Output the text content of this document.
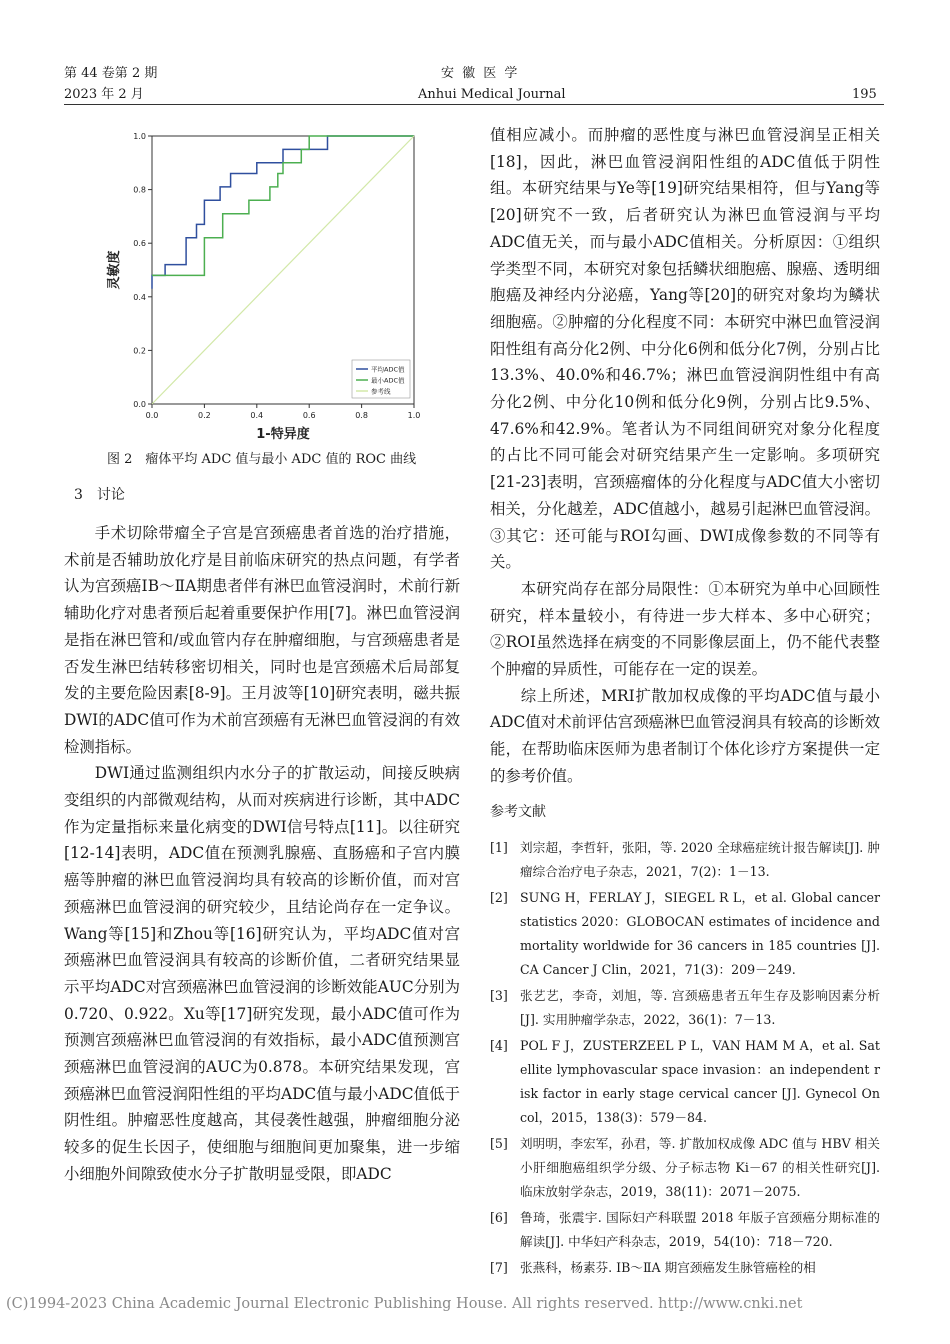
第 44 卷第 2 期
2023 年 2 月
安 徽 医 学
Anhui Medical Journal	195
0.0	0.2	0.4	0.6	0.8	1.0
0.0
0.2
0.4
0.6
0.8
1.0
平均ADC值
最小ADC值
参考线
灵敏度
1-特异度
图 2　瘤体平均 ADC 值与最小 ADC 值的 ROC 曲线
3　讨论

手术切除带瘤全子宫是宫颈癌患者首选的治疗措施，术前是否辅助放化疗是目前临床研究的热点问题，有学者认为宫颈癌ⅠB～ⅡA期患者伴有淋巴血管浸润时，术前行新辅助化疗对患者预后起着重要保护作用[7]。淋巴血管浸润是指在淋巴管和/或血管内存在肿瘤细胞，与宫颈癌患者是否发生淋巴结转移密切相关，同时也是宫颈癌术后局部复发的主要危险因素[8-9]。王月波等[10]研究表明，磁共振DWI的ADC值可作为术前宫颈癌有无淋巴血管浸润的有效检测指标。

DWI通过监测组织内水分子的扩散运动，间接反映病变组织的内部微观结构，从而对疾病进行诊断，其中ADC作为定量指标来量化病变的DWI信号特点[11]。以往研究[12-14]表明，ADC值在预测乳腺癌、直肠癌和子宫内膜癌等肿瘤的淋巴血管浸润均具有较高的诊断价值，而对宫颈癌淋巴血管浸润的研究较少，且结论尚存在一定争议。Wang等[15]和Zhou等[16]研究认为，平均ADC值对宫颈癌淋巴血管浸润具有较高的诊断价值，二者研究结果显示平均ADC对宫颈癌淋巴血管浸润的诊断效能AUC分别为0.720、0.922。Xu等[17]研究发现，最小ADC值可作为预测宫颈癌淋巴血管浸润的有效指标，最小ADC值预测宫颈癌淋巴血管浸润的AUC为0.878。本研究结果发现，宫颈癌淋巴血管浸润阳性组的平均ADC值与最小ADC值低于阴性组。肿瘤恶性度越高，其侵袭性越强，肿瘤细胞分泌较多的促生长因子，使细胞与细胞间更加聚集，进一步缩小细胞外间隙致使水分子扩散明显受限，即ADC

值相应减小。而肿瘤的恶性度与淋巴血管浸润呈正相关[18]，因此，淋巴血管浸润阳性组的ADC值低于阴性组。本研究结果与Ye等[19]研究结果相符，但与Yang等[20]研究不一致，后者研究认为淋巴血管浸润与平均ADC值无关，而与最小ADC值相关。分析原因：①组织学类型不同，本研究对象包括鳞状细胞癌、腺癌、透明细胞癌及神经内分泌癌，Yang等[20]的研究对象均为鳞状细胞癌。②肿瘤的分化程度不同：本研究中淋巴血管浸润阳性组有高分化2例、中分化6例和低分化7例，分别占比13.3%、40.0%和46.7%；淋巴血管浸润阴性组中有高分化2例、中分化10例和低分化9例，分别占比9.5%、47.6%和42.9%。笔者认为不同组间研究对象分化程度的占比不同可能会对研究结果产生一定影响。多项研究[21-23]表明，宫颈癌瘤体的分化程度与ADC值大小密切相关，分化越差，ADC值越小，越易引起淋巴血管浸润。③其它：还可能与ROI勾画、DWI成像参数的不同等有关。

本研究尚存在部分局限性：①本研究为单中心回顾性研究，样本量较小，有待进一步大样本、多中心研究；②ROI虽然选择在病变的不同影像层面上，仍不能代表整个肿瘤的异质性，可能存在一定的误差。

综上所述，MRI扩散加权成像的平均ADC值与最小ADC值对术前评估宫颈癌淋巴血管浸润具有较高的诊断效能，在帮助临床医师为患者制订个体化诊疗方案提供一定的参考价值。

参考文献

[1] 刘宗超，李哲轩，张阳，等. 2020 全球癌症统计报告解读[J]. 肿瘤综合治疗电子杂志，2021，7(2)：1－13.
[2] SUNG H，FERLAY J，SIEGEL R L，et al. Global cancer statistics 2020：GLOBOCAN estimates of incidence and mortality worldwide for 36 cancers in 185 countries [J]. CA Cancer J Clin，2021，71(3)：209－249.
[3] 张艺艺，李奇，刘旭，等. 宫颈癌患者五年生存及影响因素分析[J]. 实用肿瘤学杂志，2022，36(1)：7－13.
[4] POL F J，ZUSTERZEEL P L，VAN HAM M A，et al. Satellite lymphovascular space invasion：an independent risk factor in early stage cervical cancer [J]. Gynecol Oncol，2015，138(3)：579－84.
[5] 刘明明，李宏军，孙君，等. 扩散加权成像 ADC 值与 HBV 相关小肝细胞癌组织学分级、分子标志物 Ki－67 的相关性研究[J]. 临床放射学杂志，2019，38(11)：2071－2075.
[6] 鲁琦，张震宇. 国际妇产科联盟 2018 年版子宫颈癌分期标准的解读[J]. 中华妇产科杂志，2019，54(10)：718－720.
[7] 张燕科，杨素芬. ⅠB～ⅡA 期宫颈癌发生脉管癌栓的相
(C)1994-2023 China Academic Journal Electronic Publishing House. All rights reserved. http://www.cnki.net
